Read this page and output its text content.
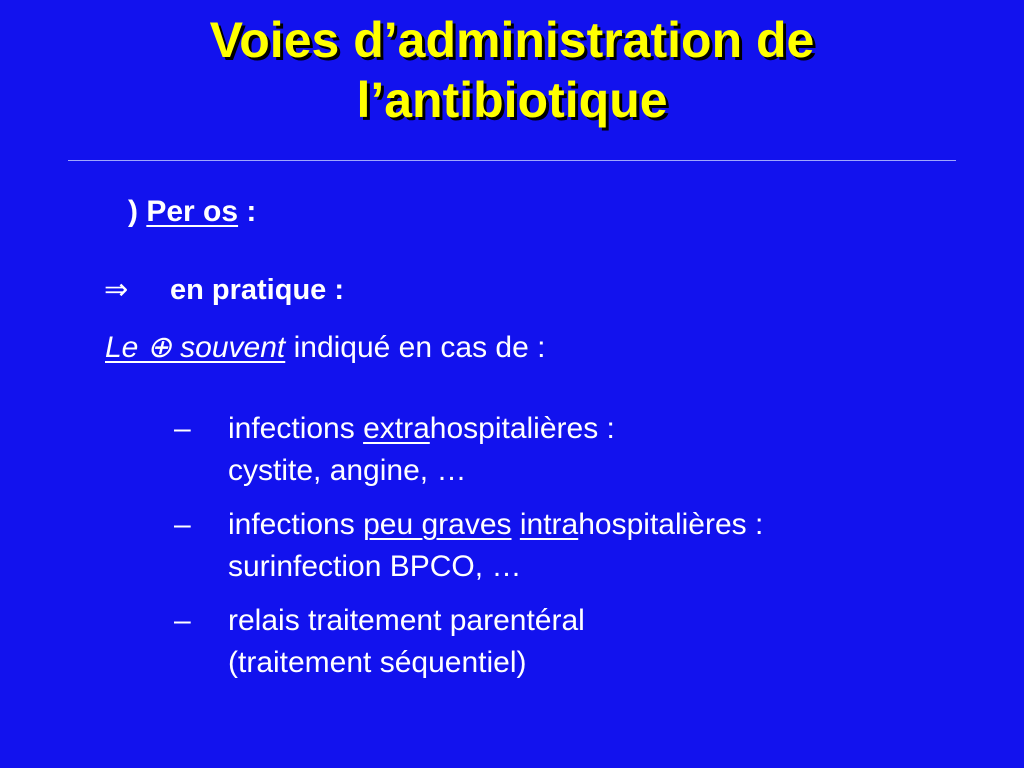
Voies d’administration de
l’antibiotique
) Per os :
⇒ en pratique :
Le ⊕ souvent indiqué en cas de :
– infections extrahospitalières :
cystite, angine, …
– infections peu graves intrahospitalières :
surinfection BPCO, …
– relais traitement parentéral
(traitement séquentiel)
